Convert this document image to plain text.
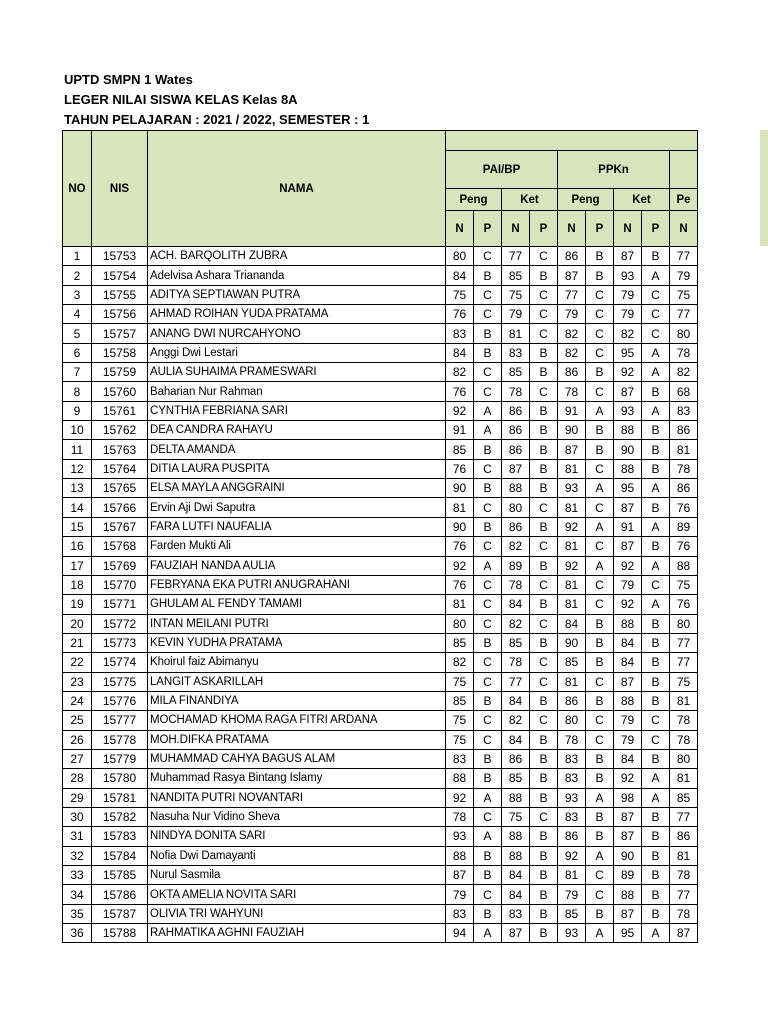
UPTD SMPN 1 Wates
LEGER NILAI SISWA KELAS Kelas 8A
TAHUN PELAJARAN : 2021 / 2022, SEMESTER : 1
NO	NIS	NAMA									
			PAI/BP				PPKn				
			Peng		Ket		Peng		Ket		Pe
			N	P	N	P	N	P	N	P	N
1	15753	ACH. BARQOLITH ZUBRA	80	C	77	C	86	B	87	B	77
2	15754	Adelvisa Ashara Triananda	84	B	85	B	87	B	93	A	79
3	15755	ADITYA SEPTIAWAN PUTRA	75	C	75	C	77	C	79	C	75
4	15756	AHMAD ROIHAN YUDA PRATAMA	76	C	79	C	79	C	79	C	77
5	15757	ANANG DWI NURCAHYONO	83	B	81	C	82	C	82	C	80
6	15758	Anggi Dwi Lestari	84	B	83	B	82	C	95	A	78
7	15759	AULIA SUHAIMA PRAMESWARI	82	C	85	B	86	B	92	A	82
8	15760	Baharian Nur Rahman	76	C	78	C	78	C	87	B	68
9	15761	CYNTHIA FEBRIANA SARI	92	A	86	B	91	A	93	A	83
10	15762	DEA CANDRA RAHAYU	91	A	86	B	90	B	88	B	86
11	15763	DELTA AMANDA	85	B	86	B	87	B	90	B	81
12	15764	DITIA LAURA PUSPITA	76	C	87	B	81	C	88	B	78
13	15765	ELSA MAYLA ANGGRAINI	90	B	88	B	93	A	95	A	86
14	15766	Ervin Aji Dwi Saputra	81	C	80	C	81	C	87	B	76
15	15767	FARA LUTFI NAUFALIA	90	B	86	B	92	A	91	A	89
16	15768	Farden Mukti Ali	76	C	82	C	81	C	87	B	76
17	15769	FAUZIAH NANDA AULIA	92	A	89	B	92	A	92	A	88
18	15770	FEBRYANA EKA PUTRI ANUGRAHANI	76	C	78	C	81	C	79	C	75
19	15771	GHULAM AL FENDY TAMAMI	81	C	84	B	81	C	92	A	76
20	15772	INTAN MEILANI PUTRI	80	C	82	C	84	B	88	B	80
21	15773	KEVIN YUDHA PRATAMA	85	B	85	B	90	B	84	B	77
22	15774	Khoirul faiz Abimanyu	82	C	78	C	85	B	84	B	77
23	15775	LANGIT ASKARILLAH	75	C	77	C	81	C	87	B	75
24	15776	MILA FINANDIYA	85	B	84	B	86	B	88	B	81
25	15777	MOCHAMAD KHOMA RAGA FITRI ARDANA	75	C	82	C	80	C	79	C	78
26	15778	MOH.DIFKA PRATAMA	75	C	84	B	78	C	79	C	78
27	15779	MUHAMMAD CAHYA BAGUS ALAM	83	B	86	B	83	B	84	B	80
28	15780	Muhammad Rasya Bintang Islamy	88	B	85	B	83	B	92	A	81
29	15781	NANDITA PUTRI NOVANTARI	92	A	88	B	93	A	98	A	85
30	15782	Nasuha Nur Vidino Sheva	78	C	75	C	83	B	87	B	77
31	15783	NINDYA DONITA SARI	93	A	88	B	86	B	87	B	86
32	15784	Nofia Dwi Damayanti	88	B	88	B	92	A	90	B	81
33	15785	Nurul Sasmila	87	B	84	B	81	C	89	B	78
34	15786	OKTA AMELIA NOVITA SARI	79	C	84	B	79	C	88	B	77
35	15787	OLIVIA TRI WAHYUNI	83	B	83	B	85	B	87	B	78
36	15788	RAHMATIKA AGHNI FAUZIAH	94	A	87	B	93	A	95	A	87
